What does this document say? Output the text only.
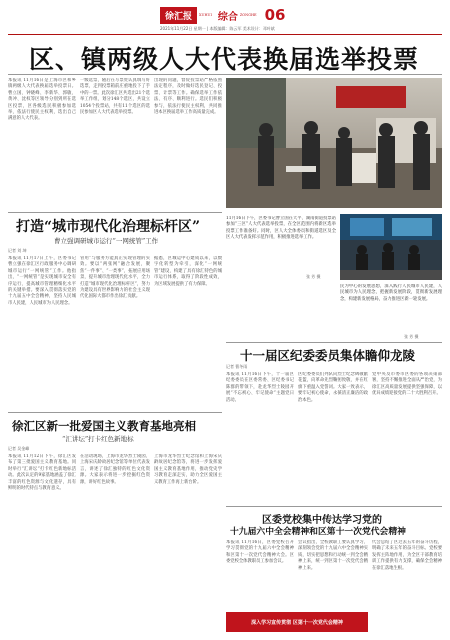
徐汇报	XUHUI 综合 ZONGHE 06
2021年11月22日 星期一 | 本版编辑：陈云军 美术设计：邓叶斌
区、镇两级人大代表换届选举投票
本报讯 11月16日是上海市区和乡镇两级人大代表换届选举投票日。曹立国、钟晓峰、李新华、郭敏、黄冲、沈权等区领导分别到所在选区投票，区各级选民积极参加选举，依法行使民主权利，选出自己满意的人大代表。
一级选票，随后在写票处认真填写好选票，走到投票箱前庄重地投下了手中的一票。此次徐汇区共选出21个选举工作组，划分148个选区，共设立1054个投票站，共有11个选区的选民参加区人大代表选举投票。
出现的问题，督促投票站严格依照法定程序，及时做好选民登记、投票、计票等工作。确保选举工作依法、有序、顺利进行。选民们积极参与，依法行使民主权利，共同推进本区换届选举工作高质量完成。
11月16日下午，区委书记曹立国在天平、湖南街道投票站参加“三区”人大代表选举投票，在全区范围内将新区选举投票工作准备好。同时，区人大全体委员和街道选区及全区人大代表发挥示范作用，积极推进选举工作。
张 芳 摄
打造“城市现代化治理标杆区”
曹立强调研城市运行“一网统管”工作
记者 刘 坤
本报讯 11月17日上午，区委书记曹立强在徐汇区行政服务中心调研城市运行“一网统管”工作。他指出，“一网统管”是实现城市安全有序运行、提高城市管理精细化水平的关键举措。要深入贯彻落实党的十九届五中全会精神，坚持人民城市人民建，人民城市为人民理念。
管用”与服务方能真正实现管理的实效。要以“两张网”融合发展，聚焦“一件事”、“一类事”，拓展应用场景，提升城市治理现代化水平，全力打造“城市现代化治理标杆区”，努力为建设具有世界影响力的社会主义现代化国际大都市作出徐汇贡献。
据悉，区城运中心建成以来，以数字化转型为牵引，深化“一网统管”建设，构建了具有徐汇特色的城市运行体系，取得了阶段性成效，为区域发展提供了有力保障。	民为中心的发展思想，深入践行人民城市人民建，人民城市为人民理念，把握新发展阶段，贯彻新发展理念，构建新发展格局，奋力推进区新一轮发展。
张 芳 摄
十一届区纪委委员集体瞻仰龙陵
记者 曹冬雨
本报讯 11月16日下午，十一届区纪委委员在区委常委、区纪委书记陈群的带领下，赴龙华烈士陵园开展“不忘初心、牢记使命”主题党日活动。
区纪委委员们列队向烈士纪念碑敬献花篮，向革命先烈鞠躬致敬，并在红旗下重温入党誓词。大家一致表示，要牢记初心使命，永葆清正廉洁的政治本色。
党中央及市委市区委的各项决策部署，坚持不懈推进全面从严治党，为徐汇区高质量发展提供坚强保障，以优异成绩迎接党的二十大胜利召开。
徐汇区新一批爱国主义教育基地亮相
“汇讲坛”打卡红色新地标
记者 吴金峰
本报讯 11月12日下午，徐汇区发布了第三批爱国主义教育基地。同时举行“汇讲坛”打卡红色新地标活动。此次认定的9家基地涵盖了徐汇丰富的红色资源与文化遗存，具有鲜明的时代特点与教育意义。
在活动现场，上海市龙华烈士陵园、上海宋庆龄故居纪念馆等单位代表发言，讲述了徐汇独特的红色文化资源。大家表示将进一步挖掘红色资源，讲好红色故事。
上海市龙华烈士纪念馆和上海宋庆龄故居纪念馆等，将进一步发挥爱国主义教育基地作用，推动党史学习教育走深走实，助力全区爱国主义教育工作再上新台阶。
区委党校集中传达学习党的
十九届六中全会精神和区第十一次党代会精神
本报讯 11月16日，区委党校召开学习贯彻党的十九届六中全会精神和区第十一次党代会精神大会。区委党校全体教职员工参加会议。
会议指出，全校教职工要认真学习、深刻领会党的十九届六中全会精神实质，切实把思想和行动统一到全会精神上来，统一到区第十一次党代会精神上来。
代会总结了区过去五年的奋斗历程，明确了未来五年的奋斗目标。党校要发挥主阵地作用，为全区干部教育培训工作提供有力支撑，确保全会精神在徐汇落地生根。
深入学习宣传贯彻 区第十一次党代会精神
